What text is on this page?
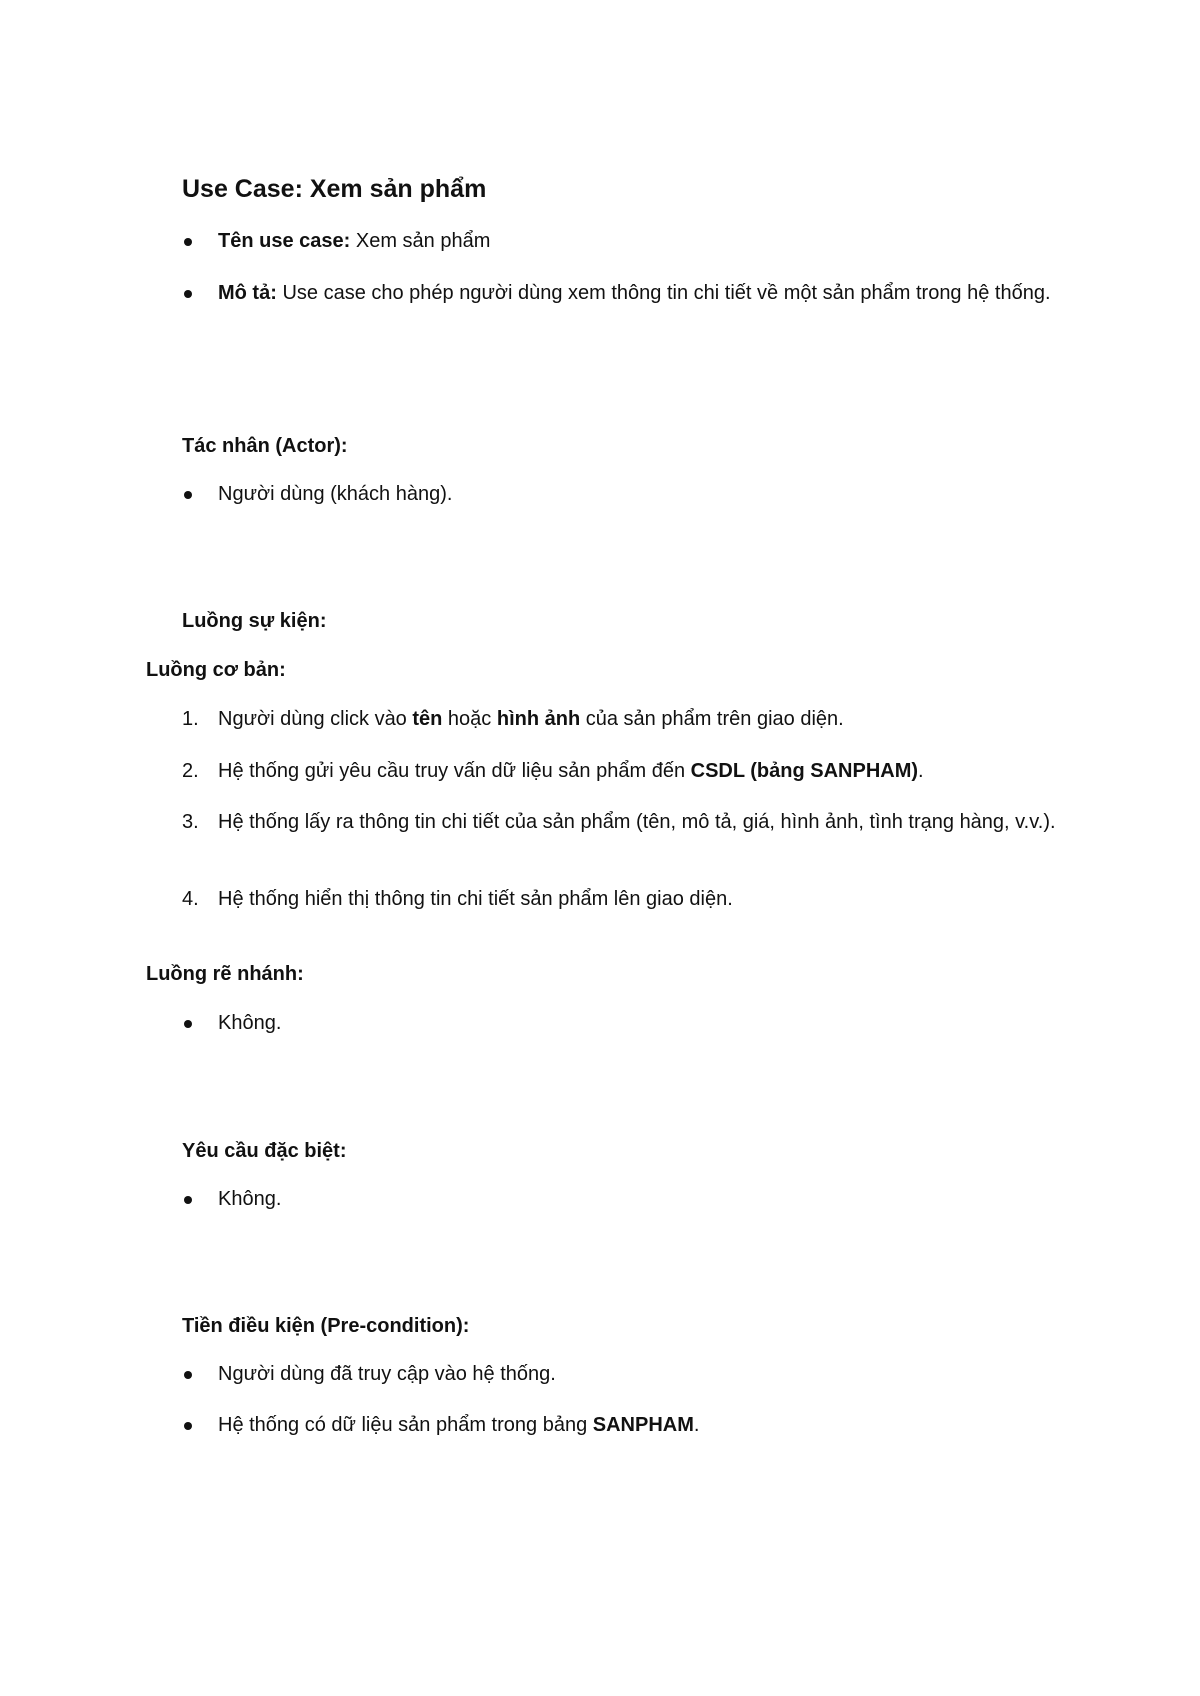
Use Case: Xem sản phẩm
Tên use case: Xem sản phẩm
Mô tả: Use case cho phép người dùng xem thông tin chi tiết về một sản phẩm trong hệ thống.
Tác nhân (Actor):
Người dùng (khách hàng).
Luồng sự kiện:
Luồng cơ bản:
1. Người dùng click vào tên hoặc hình ảnh của sản phẩm trên giao diện.
2. Hệ thống gửi yêu cầu truy vấn dữ liệu sản phẩm đến CSDL (bảng SANPHAM).
3. Hệ thống lấy ra thông tin chi tiết của sản phẩm (tên, mô tả, giá, hình ảnh, tình trạng hàng, v.v.).
4. Hệ thống hiển thị thông tin chi tiết sản phẩm lên giao diện.
Luồng rẽ nhánh:
Không.
Yêu cầu đặc biệt:
Không.
Tiền điều kiện (Pre-condition):
Người dùng đã truy cập vào hệ thống.
Hệ thống có dữ liệu sản phẩm trong bảng SANPHAM.
